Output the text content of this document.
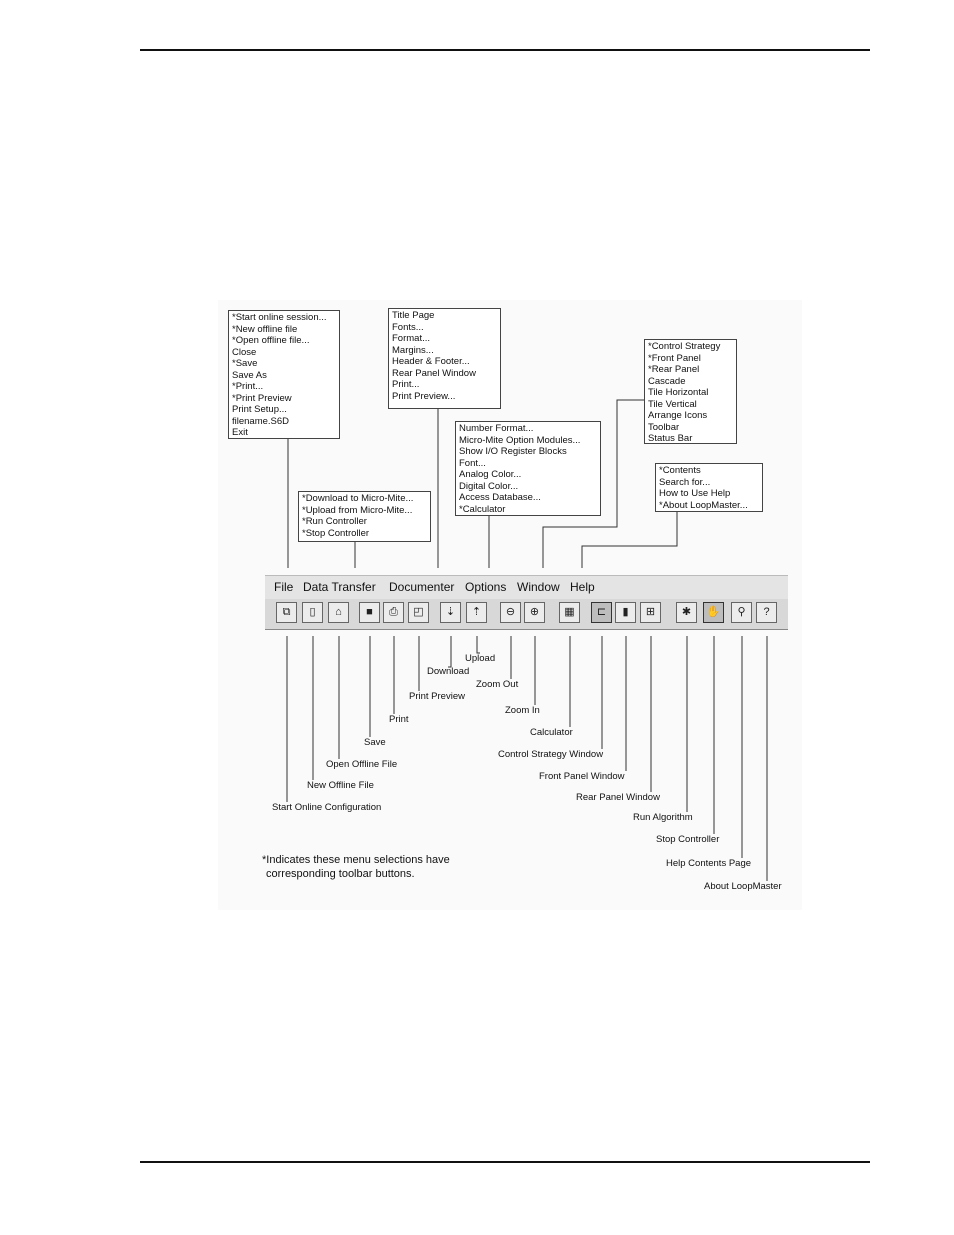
*Start online session...
*New offline file
*Open offline file...
Close
*Save
Save As
*Print...
*Print Preview
Print Setup...
filename.S6D
Exit
*Download to Micro-Mite...
*Upload from Micro-Mite...
*Run Controller
*Stop Controller
Title Page
Fonts...
Format...
Margins...
Header & Footer...
Rear Panel Window
Print...
Print Preview...
Number Format...
Micro-Mite Option Modules...
Show I/O Register Blocks
Font...
Analog Color...
Digital Color...
Access Database...
*Calculator
*Control Strategy
*Front Panel
*Rear Panel
Cascade
Tile Horizontal
Tile Vertical
Arrange Icons
Toolbar
Status Bar
*Contents
Search for...
How to Use Help
*About LoopMaster...
File Data Transfer Documenter Options Window Help
⧉	▯	⌂	■	⎙	◰	⇣	⇡	⊖	⊕	▦	⊏	▮	⊞	✱	✋	⚲	?
Start Online Configuration
New Offline File
Open Offline File
Save
Print
Print Preview
Download
Upload
Zoom Out
Zoom In
Calculator
Control Strategy Window
Front Panel Window
Rear Panel Window
Run Algorithm
Stop Controller
Help Contents Page
About LoopMaster
*Indicates these menu selections have
corresponding toolbar buttons.
